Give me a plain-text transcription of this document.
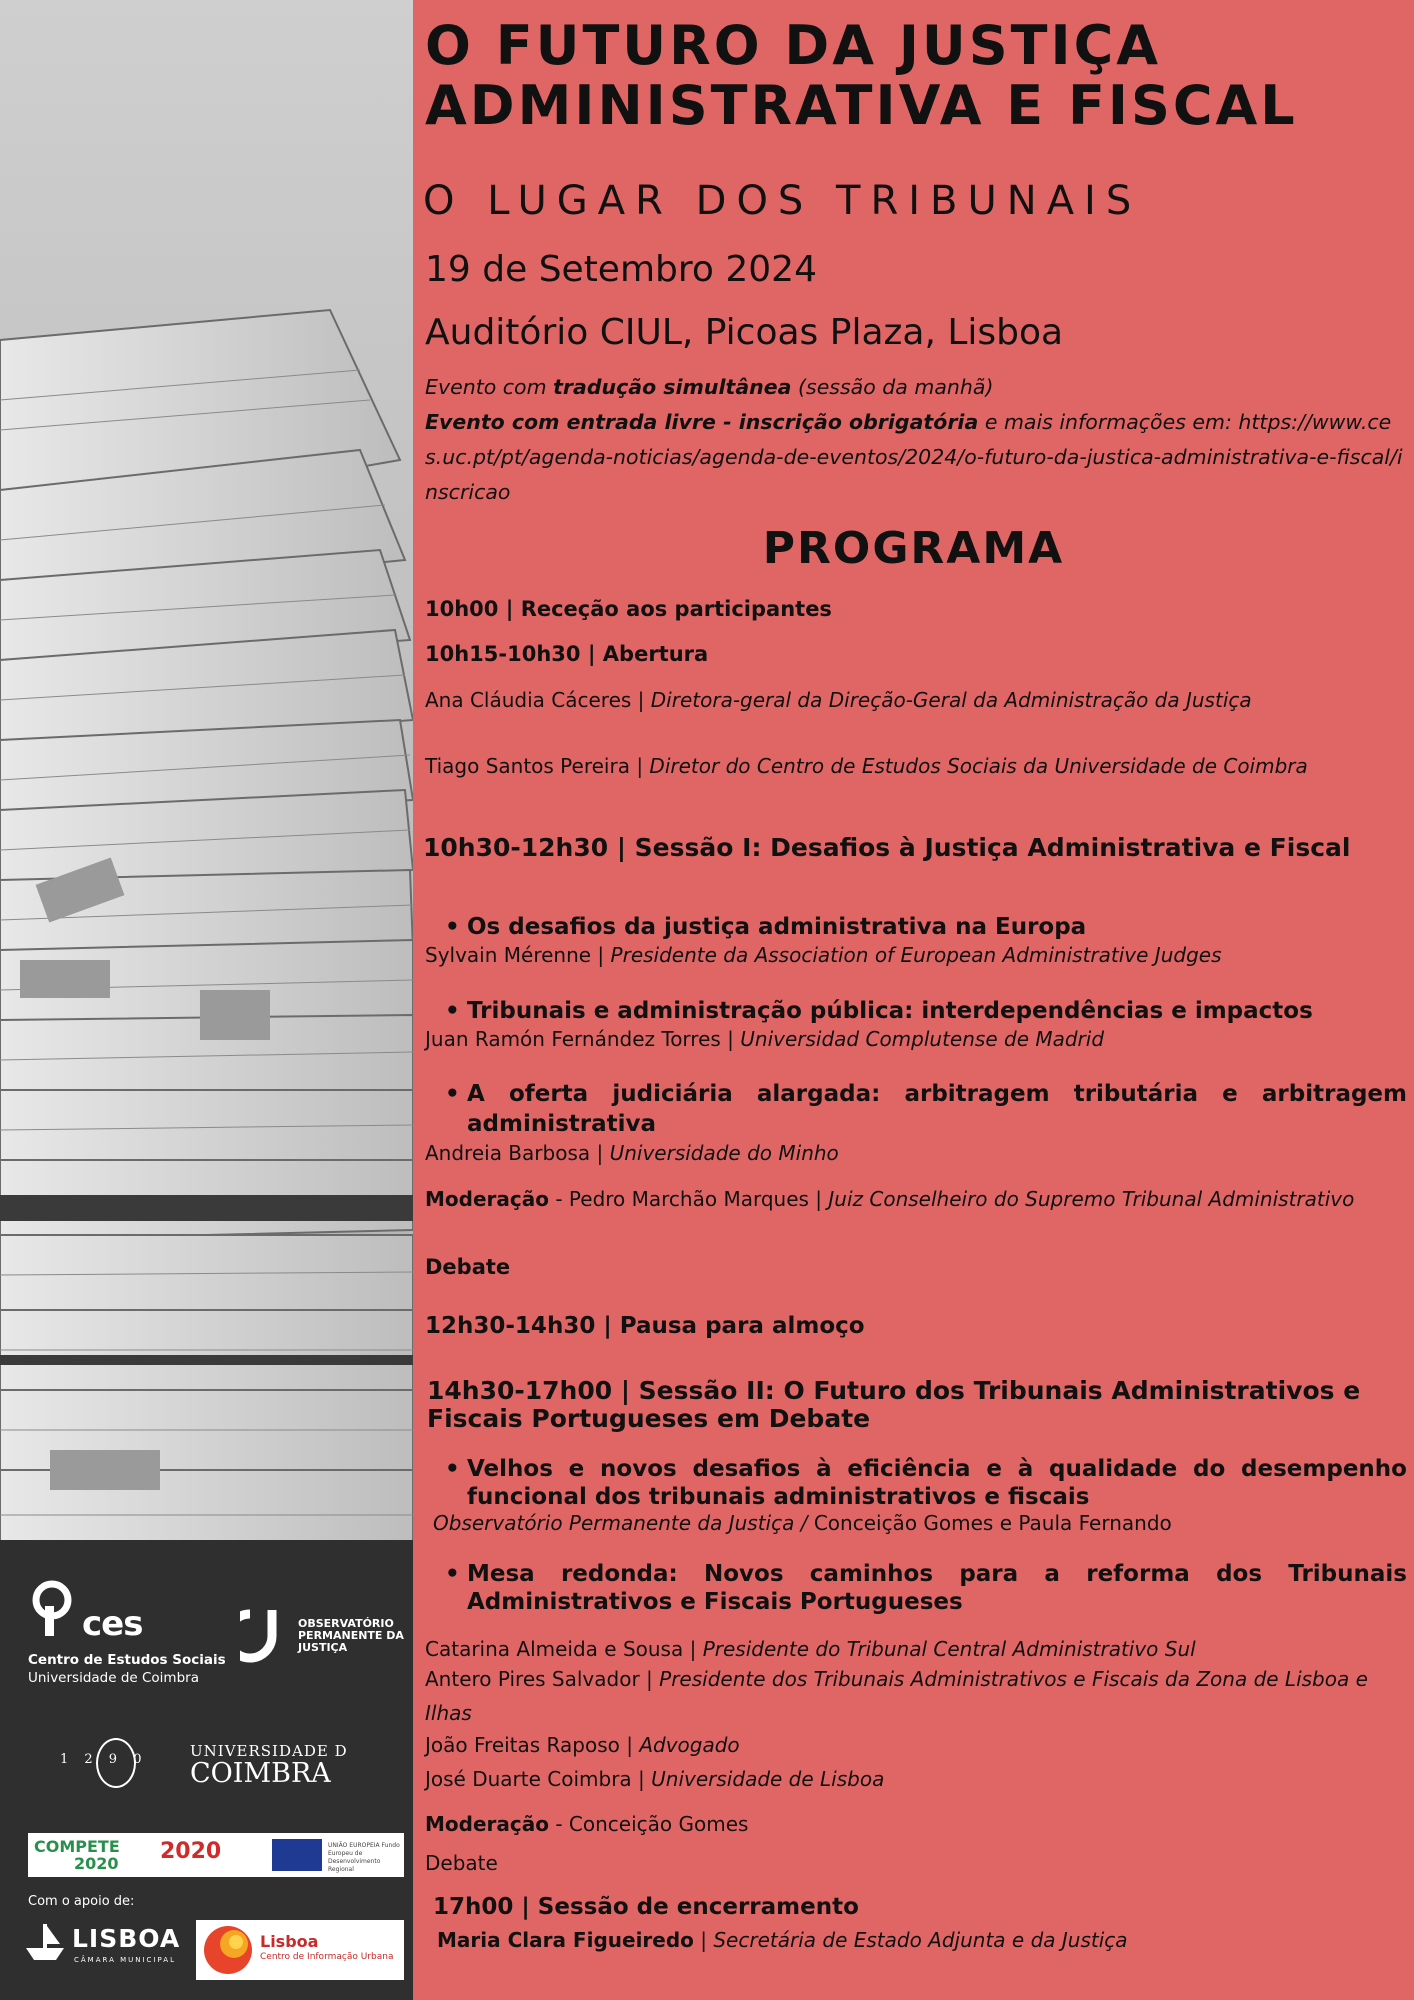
ces
Centro de Estudos Sociais
Universidade de Coimbra
OBSERVATÓRIO
PERMANENTE DA
JUSTIÇA
1 2 9 0	UNIVERSIDADE D
COIMBRA
COMPETE
2020 2020	UNIÃO EUROPEIA Fundo Europeu de Desenvolvimento Regional
Com o apoio de:
LISBOA
CÂMARA MUNICIPAL
Lisboa
Centro de Informação Urbana
O FUTURO DA JUSTIÇA ADMINISTRATIVA E FISCAL
O LUGAR DOS TRIBUNAIS
19 de Setembro 2024
Auditório CIUL, Picoas Plaza, Lisboa
Evento com tradução simultânea (sessão da manhã)
Evento com entrada livre - inscrição obrigatória e mais informações em: https://www.ces.uc.pt/pt/agenda-noticias/agenda-de-eventos/2024/o-futuro-da-justica-administrativa-e-fiscal/inscricao
PROGRAMA
10h00 | Receção aos participantes
10h15-10h30 | Abertura
Ana Cláudia Cáceres | Diretora-geral da Direção-Geral da Administração da Justiça
Tiago Santos Pereira | Diretor do Centro de Estudos Sociais da Universidade de Coimbra
10h30-12h30 | Sessão I: Desafios à Justiça Administrativa e Fiscal
• Os desafios da justiça administrativa na Europa
Sylvain Mérenne | Presidente da Association of European Administrative Judges
• Tribunais e administração pública: interdependências e impactos
Juan Ramón Fernández Torres | Universidad Complutense de Madrid
• A oferta judiciária alargada: arbitragem tributária e arbitragem administrativa
Andreia Barbosa | Universidade do Minho
Moderação - Pedro Marchão Marques | Juiz Conselheiro do Supremo Tribunal Administrativo
Debate
12h30-14h30 | Pausa para almoço
14h30-17h00 | Sessão II: O Futuro dos Tribunais Administrativos e Fiscais Portugueses em Debate
• Velhos e novos desafios à eficiência e à qualidade do desempenho funcional dos tribunais administrativos e fiscais
Observatório Permanente da Justiça / Conceição Gomes e Paula Fernando
• Mesa redonda: Novos caminhos para a reforma dos Tribunais Administrativos e Fiscais Portugueses
Catarina Almeida e Sousa | Presidente do Tribunal Central Administrativo Sul
Antero Pires Salvador | Presidente dos Tribunais Administrativos e Fiscais da Zona de Lisboa e Ilhas
João Freitas Raposo | Advogado
José Duarte Coimbra | Universidade de Lisboa
Moderação - Conceição Gomes
Debate
17h00 | Sessão de encerramento
Maria Clara Figueiredo | Secretária de Estado Adjunta e da Justiça
